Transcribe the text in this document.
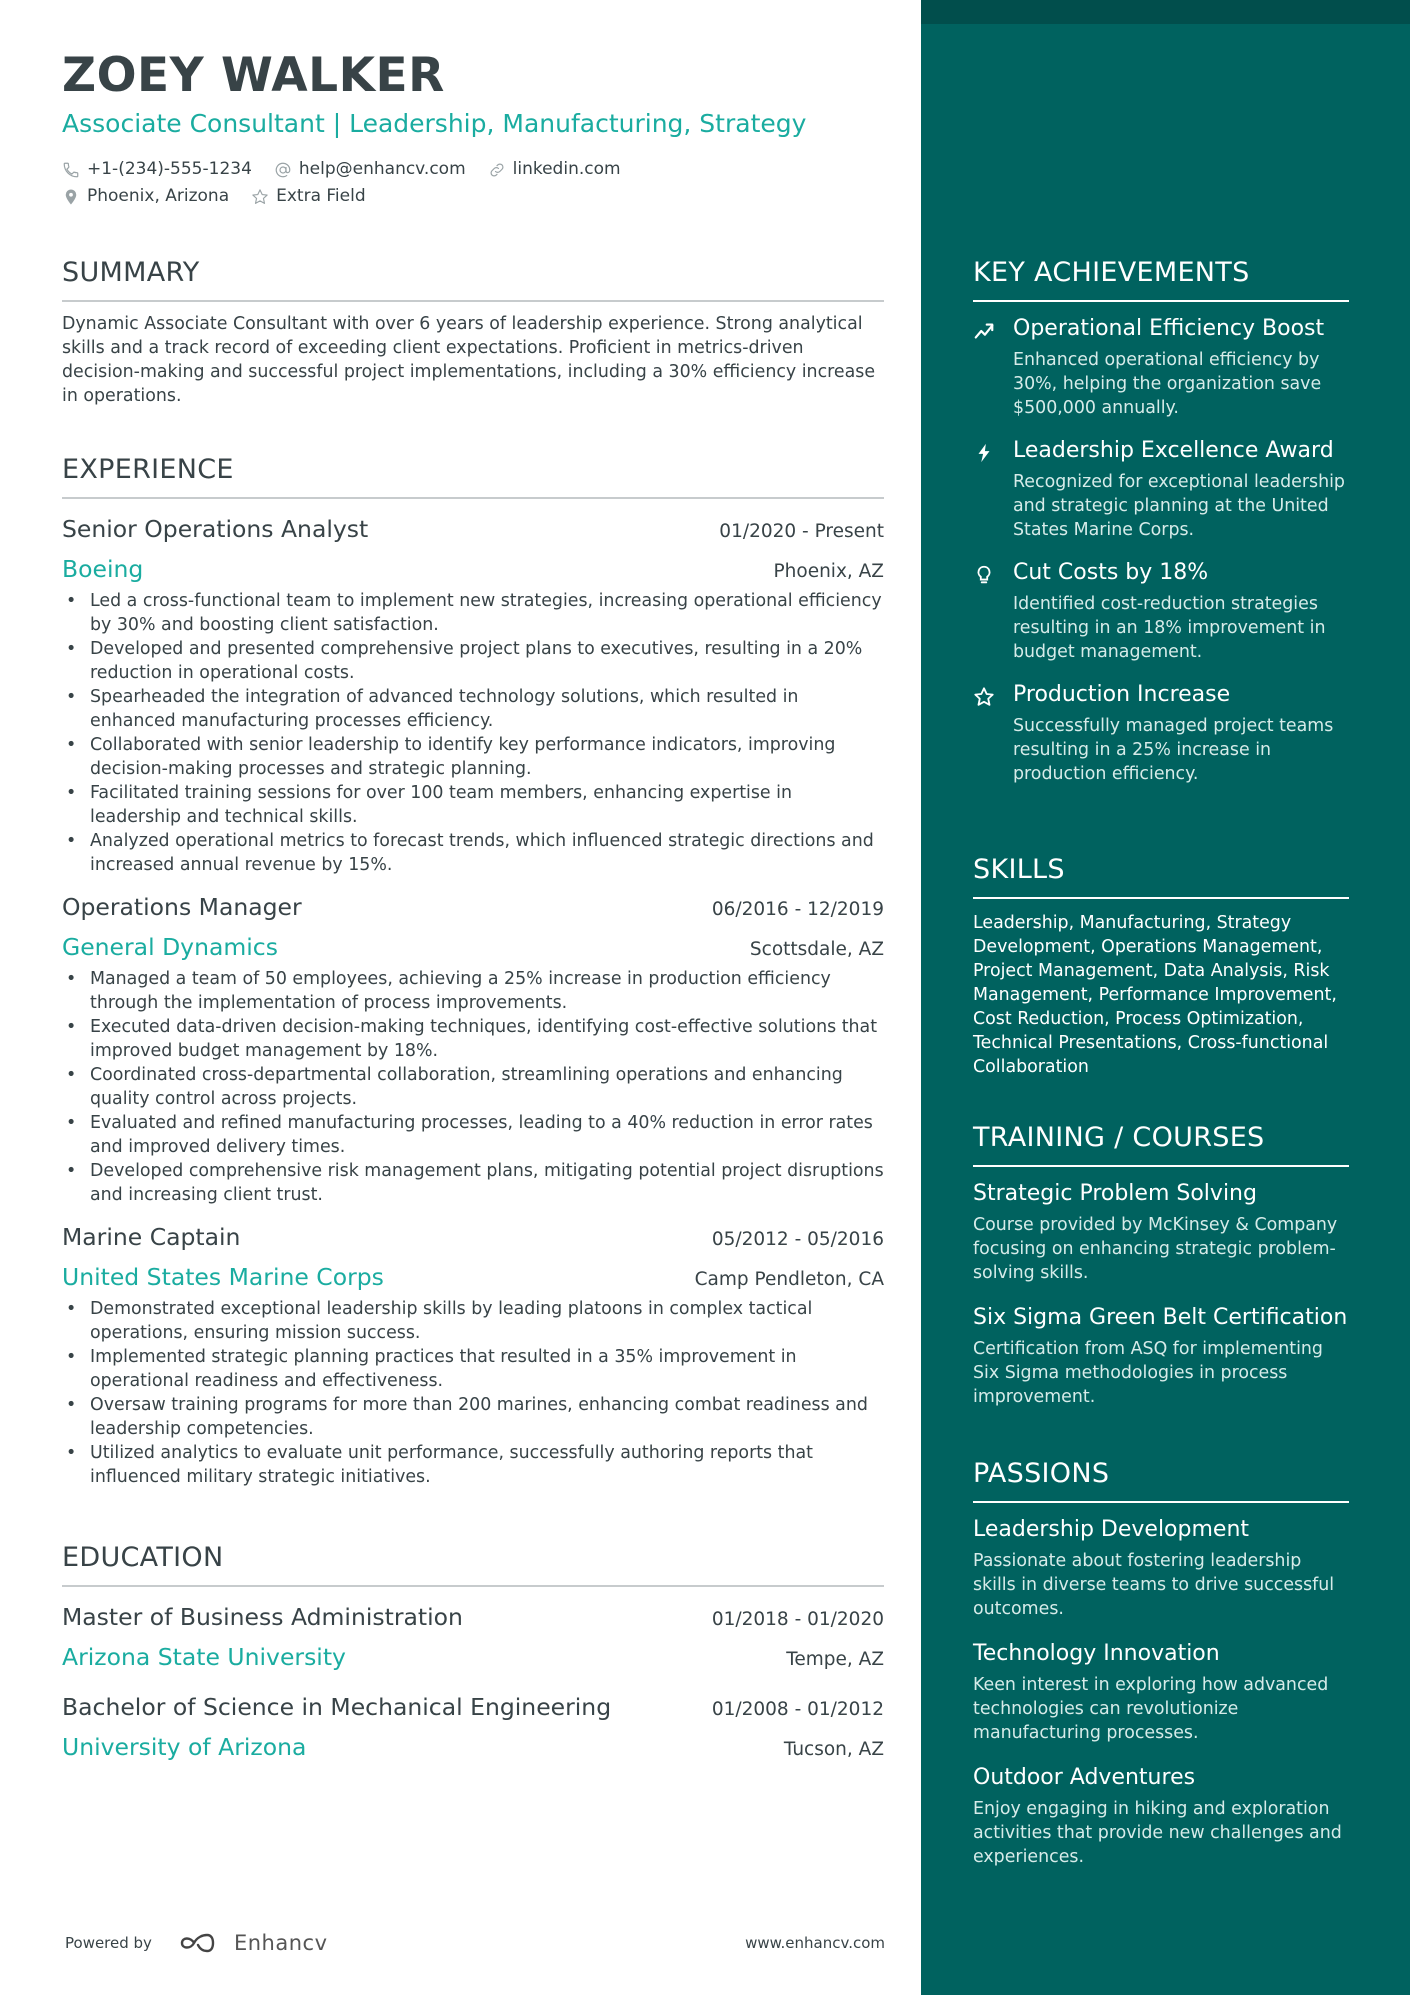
ZOEY WALKER
Associate Consultant | Leadership, Manufacturing, Strategy
+1-(234)-555-1234	help@enhancv.com	linkedin.com
Phoenix, Arizona	Extra Field
SUMMARY
Dynamic Associate Consultant with over 6 years of leadership experience. Strong analytical skills and a track record of exceeding client expectations. Proficient in metrics-driven decision-making and successful project implementations, including a 30% efficiency increase in operations.
EXPERIENCE
Senior Operations Analyst	01/2020 - Present
Boeing	Phoenix, AZ
• Led a cross-functional team to implement new strategies, increasing operational efficiency by 30% and boosting client satisfaction.
• Developed and presented comprehensive project plans to executives, resulting in a 20% reduction in operational costs.
• Spearheaded the integration of advanced technology solutions, which resulted in enhanced manufacturing processes efficiency.
• Collaborated with senior leadership to identify key performance indicators, improving decision-making processes and strategic planning.
• Facilitated training sessions for over 100 team members, enhancing expertise in leadership and technical skills.
• Analyzed operational metrics to forecast trends, which influenced strategic directions and increased annual revenue by 15%.
Operations Manager	06/2016 - 12/2019
General Dynamics	Scottsdale, AZ
• Managed a team of 50 employees, achieving a 25% increase in production efficiency through the implementation of process improvements.
• Executed data-driven decision-making techniques, identifying cost-effective solutions that improved budget management by 18%.
• Coordinated cross-departmental collaboration, streamlining operations and enhancing quality control across projects.
• Evaluated and refined manufacturing processes, leading to a 40% reduction in error rates and improved delivery times.
• Developed comprehensive risk management plans, mitigating potential project disruptions and increasing client trust.
Marine Captain	05/2012 - 05/2016
United States Marine Corps	Camp Pendleton, CA
• Demonstrated exceptional leadership skills by leading platoons in complex tactical operations, ensuring mission success.
• Implemented strategic planning practices that resulted in a 35% improvement in operational readiness and effectiveness.
• Oversaw training programs for more than 200 marines, enhancing combat readiness and leadership competencies.
• Utilized analytics to evaluate unit performance, successfully authoring reports that influenced military strategic initiatives.
EDUCATION
Master of Business Administration	01/2018 - 01/2020
Arizona State University	Tempe, AZ
Bachelor of Science in Mechanical Engineering	01/2008 - 01/2012
University of Arizona	Tucson, AZ
Powered by	Enhancv	www.enhancv.com
KEY ACHIEVEMENTS
Operational Efficiency Boost
Enhanced operational efficiency by 30%, helping the organization save $500,000 annually.
Leadership Excellence Award
Recognized for exceptional leadership and strategic planning at the United States Marine Corps.
Cut Costs by 18%
Identified cost-reduction strategies resulting in an 18% improvement in budget management.
Production Increase
Successfully managed project teams resulting in a 25% increase in production efficiency.
SKILLS
Leadership, Manufacturing, Strategy Development, Operations Management, Project Management, Data Analysis, Risk Management, Performance Improvement, Cost Reduction, Process Optimization, Technical Presentations, Cross-functional Collaboration
TRAINING / COURSES
Strategic Problem Solving
Course provided by McKinsey & Company focusing on enhancing strategic problem-solving skills.
Six Sigma Green Belt Certification
Certification from ASQ for implementing Six Sigma methodologies in process improvement.
PASSIONS
Leadership Development
Passionate about fostering leadership skills in diverse teams to drive successful outcomes.
Technology Innovation
Keen interest in exploring how advanced technologies can revolutionize manufacturing processes.
Outdoor Adventures
Enjoy engaging in hiking and exploration activities that provide new challenges and experiences.
